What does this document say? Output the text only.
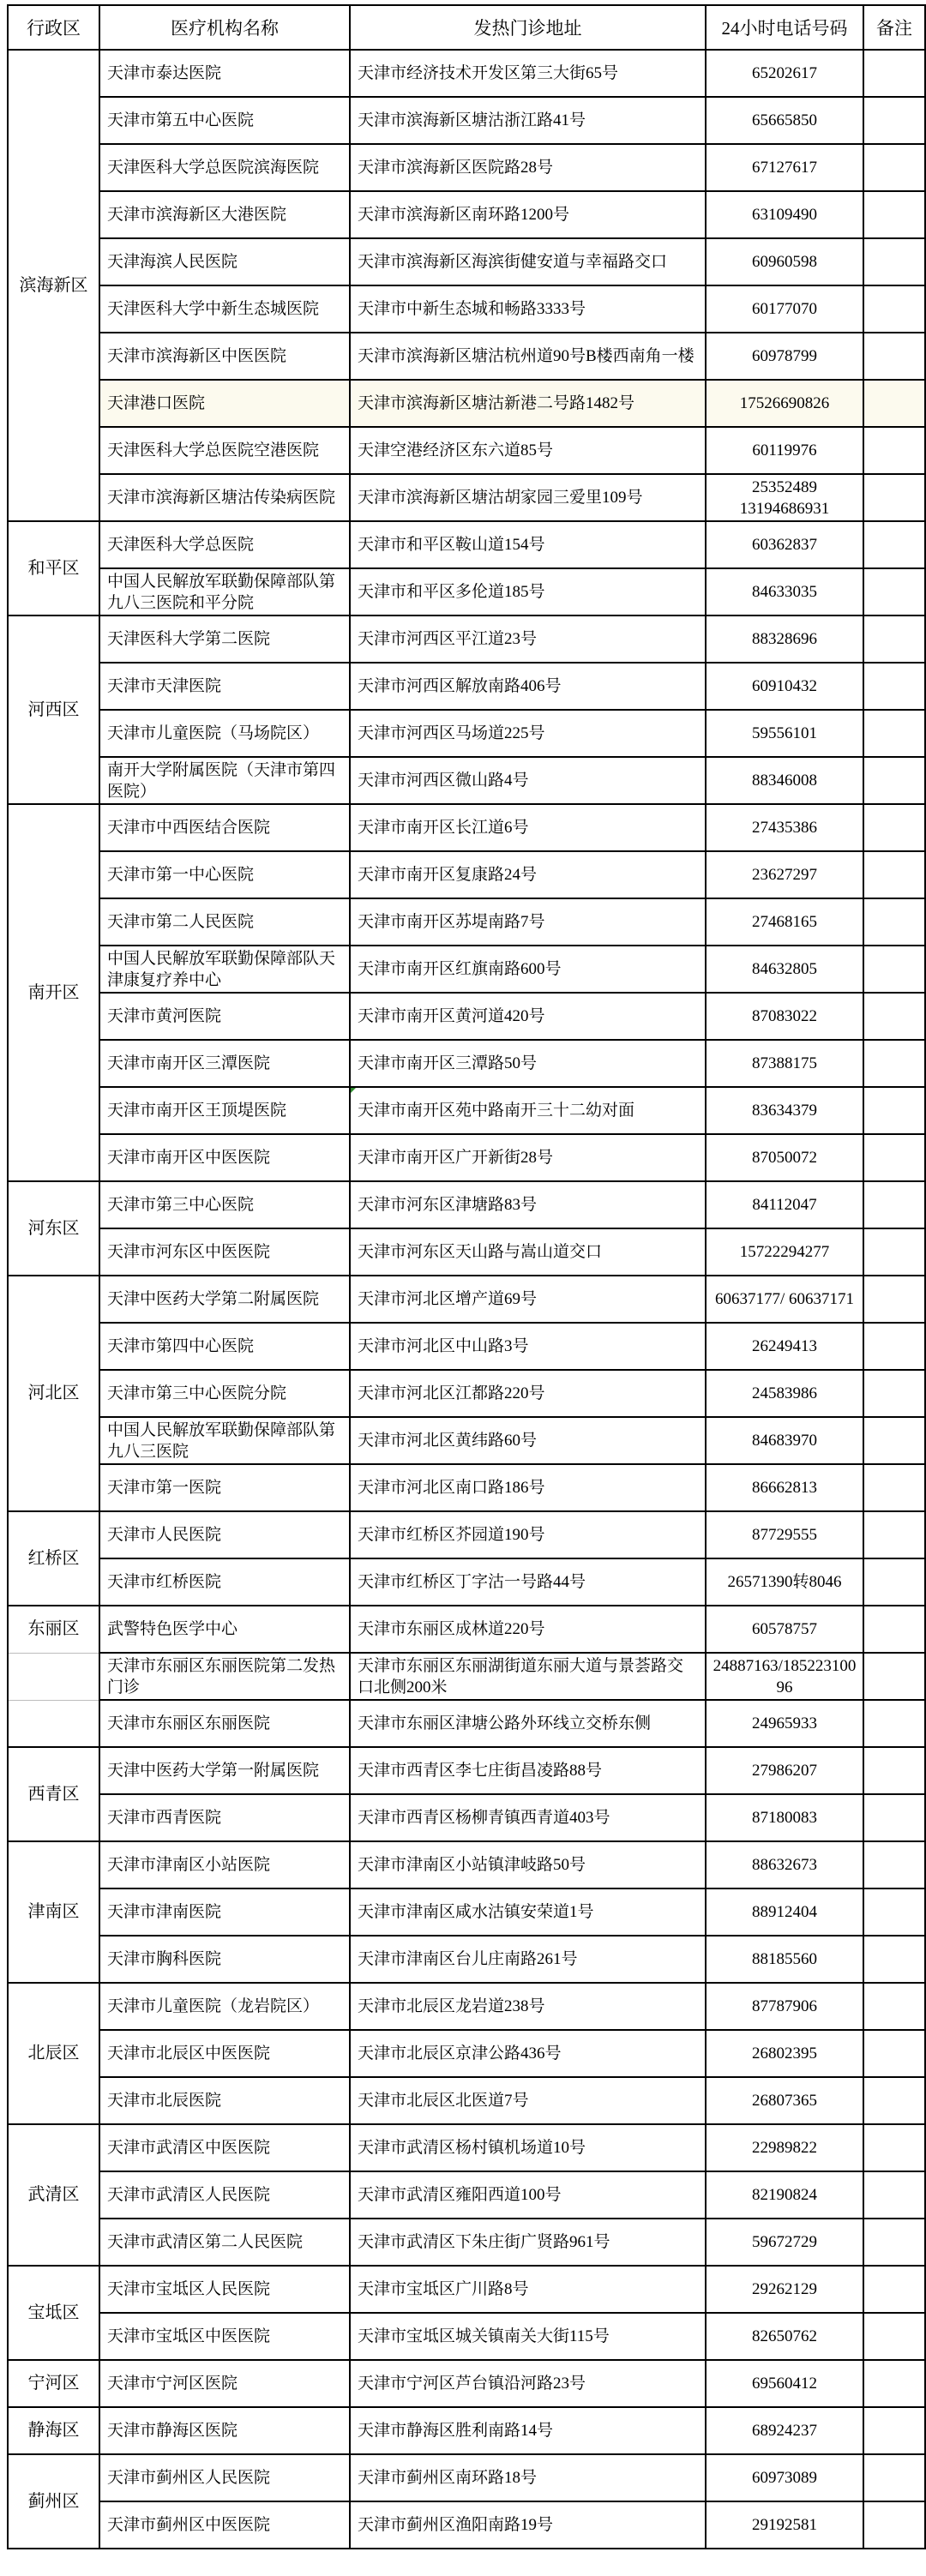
行政区	医疗机构名称	发热门诊地址	24小时电话号码	备注
滨海新区	天津市泰达医院	天津市经济技术开发区第三大街65号	65202617	

	天津市第五中心医院	天津市滨海新区塘沽浙江路41号	65665850	

	天津医科大学总医院滨海医院	天津市滨海新区医院路28号	67127617	

	天津市滨海新区大港医院	天津市滨海新区南环路1200号	63109490	

	天津海滨人民医院	天津市滨海新区海滨街健安道与幸福路交口	60960598	

	天津医科大学中新生态城医院	天津市中新生态城和畅路3333号	60177070	

	天津市滨海新区中医医院	天津市滨海新区塘沽杭州道90号B楼西南角一楼	60978799	

	天津港口医院	天津市滨海新区塘沽新港二号路1482号	17526690826	

	天津医科大学总医院空港医院	天津空港经济区东六道85号	60119976	

	天津市滨海新区塘沽传染病医院	天津市滨海新区塘沽胡家园三爱里109号	25352489
13194686931	

和平区	天津医科大学总医院	天津市和平区鞍山道154号	60362837	

	中国人民解放军联勤保障部队第九八三医院和平分院	天津市和平区多伦道185号	84633035	

河西区	天津医科大学第二医院	天津市河西区平江道23号	88328696	

	天津市天津医院	天津市河西区解放南路406号	60910432	

	天津市儿童医院（马场院区）	天津市河西区马场道225号	59556101	

	南开大学附属医院（天津市第四医院）	天津市河西区微山路4号	88346008	

南开区	天津市中西医结合医院	天津市南开区长江道6号	27435386	

	天津市第一中心医院	天津市南开区复康路24号	23627297	

	天津市第二人民医院	天津市南开区苏堤南路7号	27468165	

	中国人民解放军联勤保障部队天津康复疗养中心	天津市南开区红旗南路600号	84632805	

	天津市黄河医院	天津市南开区黄河道420号	87083022	

	天津市南开区三潭医院	天津市南开区三潭路50号	87388175	

	天津市南开区王顶堤医院	天津市南开区苑中路南开三十二幼对面	83634379	

	天津市南开区中医医院	天津市南开区广开新街28号	87050072	

河东区	天津市第三中心医院	天津市河东区津塘路83号	84112047	

	天津市河东区中医医院	天津市河东区天山路与嵩山道交口	15722294277	

河北区	天津中医药大学第二附属医院	天津市河北区增产道69号	60637177/ 60637171	

	天津市第四中心医院	天津市河北区中山路3号	26249413	

	天津市第三中心医院分院	天津市河北区江都路220号	24583986	

	中国人民解放军联勤保障部队第九八三医院	天津市河北区黄纬路60号	84683970	

	天津市第一医院	天津市河北区南口路186号	86662813	

红桥区	天津市人民医院	天津市红桥区芥园道190号	87729555	

	天津市红桥医院	天津市红桥区丁字沽一号路44号	26571390转8046	

东丽区	武警特色医学中心	天津市东丽区成林道220号	60578757	

	天津市东丽区东丽医院第二发热门诊	天津市东丽区东丽湖街道东丽大道与景荟路交口北侧200米	24887163/185223100
96	

	天津市东丽区东丽医院	天津市东丽区津塘公路外环线立交桥东侧	24965933	

西青区	天津中医药大学第一附属医院	天津市西青区李七庄街昌凌路88号	27986207	

	天津市西青医院	天津市西青区杨柳青镇西青道403号	87180083	

津南区	天津市津南区小站医院	天津市津南区小站镇津岐路50号	88632673	

	天津市津南医院	天津市津南区咸水沽镇安荣道1号	88912404	

	天津市胸科医院	天津市津南区台儿庄南路261号	88185560	

北辰区	天津市儿童医院（龙岩院区）	天津市北辰区龙岩道238号	87787906	

	天津市北辰区中医医院	天津市北辰区京津公路436号	26802395	

	天津市北辰医院	天津市北辰区北医道7号	26807365	

武清区	天津市武清区中医医院	天津市武清区杨村镇机场道10号	22989822	

	天津市武清区人民医院	天津市武清区雍阳西道100号	82190824	

	天津市武清区第二人民医院	天津市武清区下朱庄街广贤路961号	59672729	

宝坻区	天津市宝坻区人民医院	天津市宝坻区广川路8号	29262129	

	天津市宝坻区中医医院	天津市宝坻区城关镇南关大街115号	82650762	

宁河区	天津市宁河区医院	天津市宁河区芦台镇沿河路23号	69560412	

静海区	天津市静海区医院	天津市静海区胜利南路14号	68924237	

蓟州区	天津市蓟州区人民医院	天津市蓟州区南环路18号	60973089	

	天津市蓟州区中医医院	天津市蓟州区渔阳南路19号	29192581	
